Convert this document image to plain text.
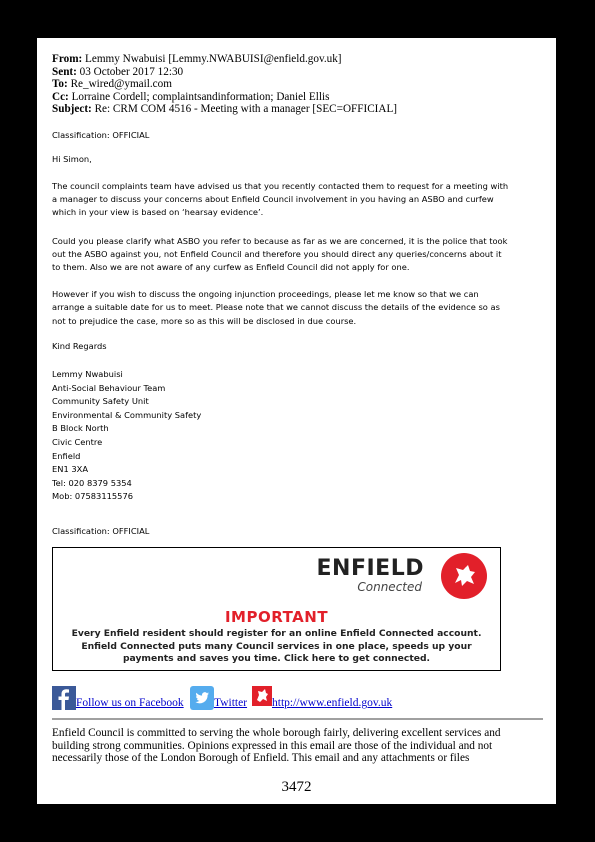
From: Lemmy Nwabuisi [Lemmy.NWABUISI@enfield.gov.uk]
Sent: 03 October 2017 12:30
To: Re_wired@ymail.com
Cc: Lorraine Cordell; complaintsandinformation; Daniel Ellis
Subject: Re: CRM COM 4516 - Meeting with a manager [SEC=OFFICIAL]
Classification: OFFICIAL
Hi Simon,
The council complaints team have advised us that you recently contacted them to request for a meeting with
a manager to discuss your concerns about Enfield Council involvement in you having an ASBO and curfew
which in your view is based on ‘hearsay evidence’.
Could you please clarify what ASBO you refer to because as far as we are concerned, it is the police that took
out the ASBO against you, not Enfield Council and therefore you should direct any queries/concerns about it
to them. Also we are not aware of any curfew as Enfield Council did not apply for one.
However if you wish to discuss the ongoing injunction proceedings, please let me know so that we can
arrange a suitable date for us to meet. Please note that we cannot discuss the details of the evidence so as
not to prejudice the case, more so as this will be disclosed in due course.
Kind Regards
Lemmy Nwabuisi
Anti-Social Behaviour Team
Community Safety Unit
Environmental & Community Safety
B Block North
Civic Centre
Enfield
EN1 3XA
Tel: 020 8379 5354
Mob: 07583115576
Classification: OFFICIAL
ENFIELD
Connected
IMPORTANT
Every Enfield resident should register for an online Enfield Connected account.
Enfield Connected puts many Council services in one place, speeds up your
payments and saves you time. Click here to get connected.
Follow us on Facebook	Twitter http://www.enfield.gov.uk
Enfield Council is committed to serving the whole borough fairly, delivering excellent services and
building strong communities. Opinions expressed in this email are those of the individual and not
necessarily those of the London Borough of Enfield. This email and any attachments or files
3472
